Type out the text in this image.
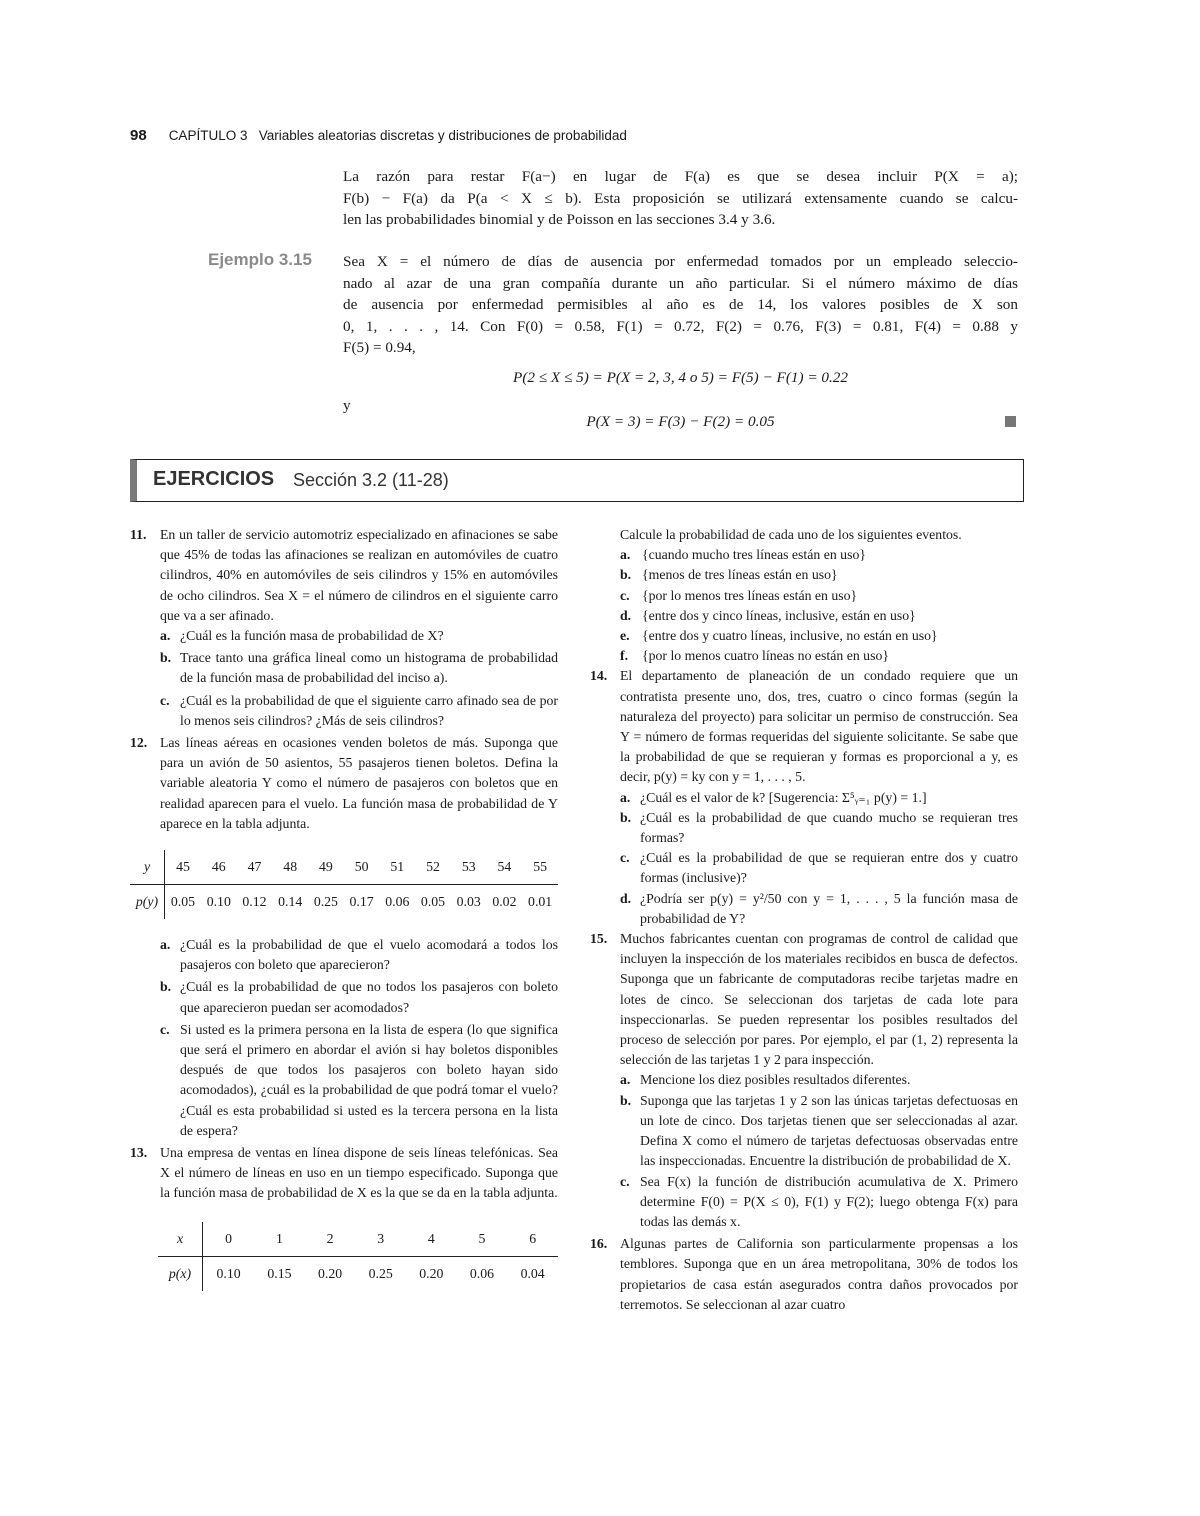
98 CAPÍTULO 3 Variables aleatorias discretas y distribuciones de probabilidad
La razón para restar F(a−) en lugar de F(a) es que se desea incluir P(X = a);
F(b) − F(a) da P(a < X ≤ b). Esta proposición se utilizará extensamente cuando se calcu-
len las probabilidades binomial y de Poisson en las secciones 3.4 y 3.6.
Ejemplo 3.15 Sea X = el número de días de ausencia por enfermedad tomados por un empleado seleccio-
nado al azar de una gran compañía durante un año particular. Si el número máximo de días
de ausencia por enfermedad permisibles al año es de 14, los valores posibles de X son
0, 1, . . . , 14. Con F(0) = 0.58, F(1) = 0.72, F(2) = 0.76, F(3) = 0.81, F(4) = 0.88 y
F(5) = 0.94,
P(2 ≤ X ≤ 5) = P(X = 2, 3, 4 o 5) = F(5) − F(1) = 0.22
y
P(X = 3) = F(3) − F(2) = 0.05
EJERCICIOS Sección 3.2 (11-28)
11. En un taller de servicio automotriz especializado en afinaciones se sabe que 45% de todas las afinaciones se realizan en automóviles de cuatro cilindros, 40% en automóviles de seis cilindros y 15% en automóviles de ocho cilindros. Sea X = el número de cilindros en el siguiente carro que va a ser afinado.

a. ¿Cuál es la función masa de probabilidad de X?

b. Trace tanto una gráfica lineal como un histograma de probabilidad de la función masa de probabilidad del inciso a).

c. ¿Cuál es la probabilidad de que el siguiente carro afinado sea de por lo menos seis cilindros? ¿Más de seis cilindros?

12. Las líneas aéreas en ocasiones venden boletos de más. Suponga que para un avión de 50 asientos, 55 pasajeros tienen boletos. Defina la variable aleatoria Y como el número de pasajeros con boletos que en realidad aparecen para el vuelo. La función masa de probabilidad de Y aparece en la tabla adjunta.

y	45	46	47	48	49	50	51	52	53	54	55
p(y)	0.05	0.10	0.12	0.14	0.25	0.17	0.06	0.05	0.03	0.02	0.01
a. ¿Cuál es la probabilidad de que el vuelo acomodará a todos los pasajeros con boleto que aparecieron?

b. ¿Cuál es la probabilidad de que no todos los pasajeros con boleto que aparecieron puedan ser acomodados?

c. Si usted es la primera persona en la lista de espera (lo que significa que será el primero en abordar el avión si hay boletos disponibles después de que todos los pasajeros con boleto hayan sido acomodados), ¿cuál es la probabilidad de que podrá tomar el vuelo? ¿Cuál es esta probabilidad si usted es la tercera persona en la lista de espera?

13. Una empresa de ventas en línea dispone de seis líneas telefónicas. Sea X el número de líneas en uso en un tiempo especificado. Suponga que la función masa de probabilidad de X es la que se da en la tabla adjunta.

x	0	1	2	3	4	5	6
p(x)	0.10	0.15	0.20	0.25	0.20	0.06	0.04

Calcule la probabilidad de cada uno de los siguientes eventos.

a. {cuando mucho tres líneas están en uso}

b. {menos de tres líneas están en uso}

c. {por lo menos tres líneas están en uso}

d. {entre dos y cinco líneas, inclusive, están en uso}

e. {entre dos y cuatro líneas, inclusive, no están en uso}

f. {por lo menos cuatro líneas no están en uso}

14. El departamento de planeación de un condado requiere que un contratista presente uno, dos, tres, cuatro o cinco formas (según la naturaleza del proyecto) para solicitar un permiso de construcción. Sea Y = número de formas requeridas del siguiente solicitante. Se sabe que la probabilidad de que se requieran y formas es proporcional a y, es decir, p(y) = ky con y = 1, . . . , 5.

a. ¿Cuál es el valor de k? [Sugerencia: Σ⁵ᵧ₌₁ p(y) = 1.]

b. ¿Cuál es la probabilidad de que cuando mucho se requieran tres formas?

c. ¿Cuál es la probabilidad de que se requieran entre dos y cuatro formas (inclusive)?

d. ¿Podría ser p(y) = y²/50 con y = 1, . . . , 5 la función masa de probabilidad de Y?

15. Muchos fabricantes cuentan con programas de control de calidad que incluyen la inspección de los materiales recibidos en busca de defectos. Suponga que un fabricante de computadoras recibe tarjetas madre en lotes de cinco. Se seleccionan dos tarjetas de cada lote para inspeccionarlas. Se pueden representar los posibles resultados del proceso de selección por pares. Por ejemplo, el par (1, 2) representa la selección de las tarjetas 1 y 2 para inspección.

a. Mencione los diez posibles resultados diferentes.

b. Suponga que las tarjetas 1 y 2 son las únicas tarjetas defectuosas en un lote de cinco. Dos tarjetas tienen que ser seleccionadas al azar. Defina X como el número de tarjetas defectuosas observadas entre las inspeccionadas. Encuentre la distribución de probabilidad de X.

c. Sea F(x) la función de distribución acumulativa de X. Primero determine F(0) = P(X ≤ 0), F(1) y F(2); luego obtenga F(x) para todas las demás x.

16. Algunas partes de California son particularmente propensas a los temblores. Suponga que en un área metropolitana, 30% de todos los propietarios de casa están asegurados contra daños provocados por terremotos. Se seleccionan al azar cuatro
